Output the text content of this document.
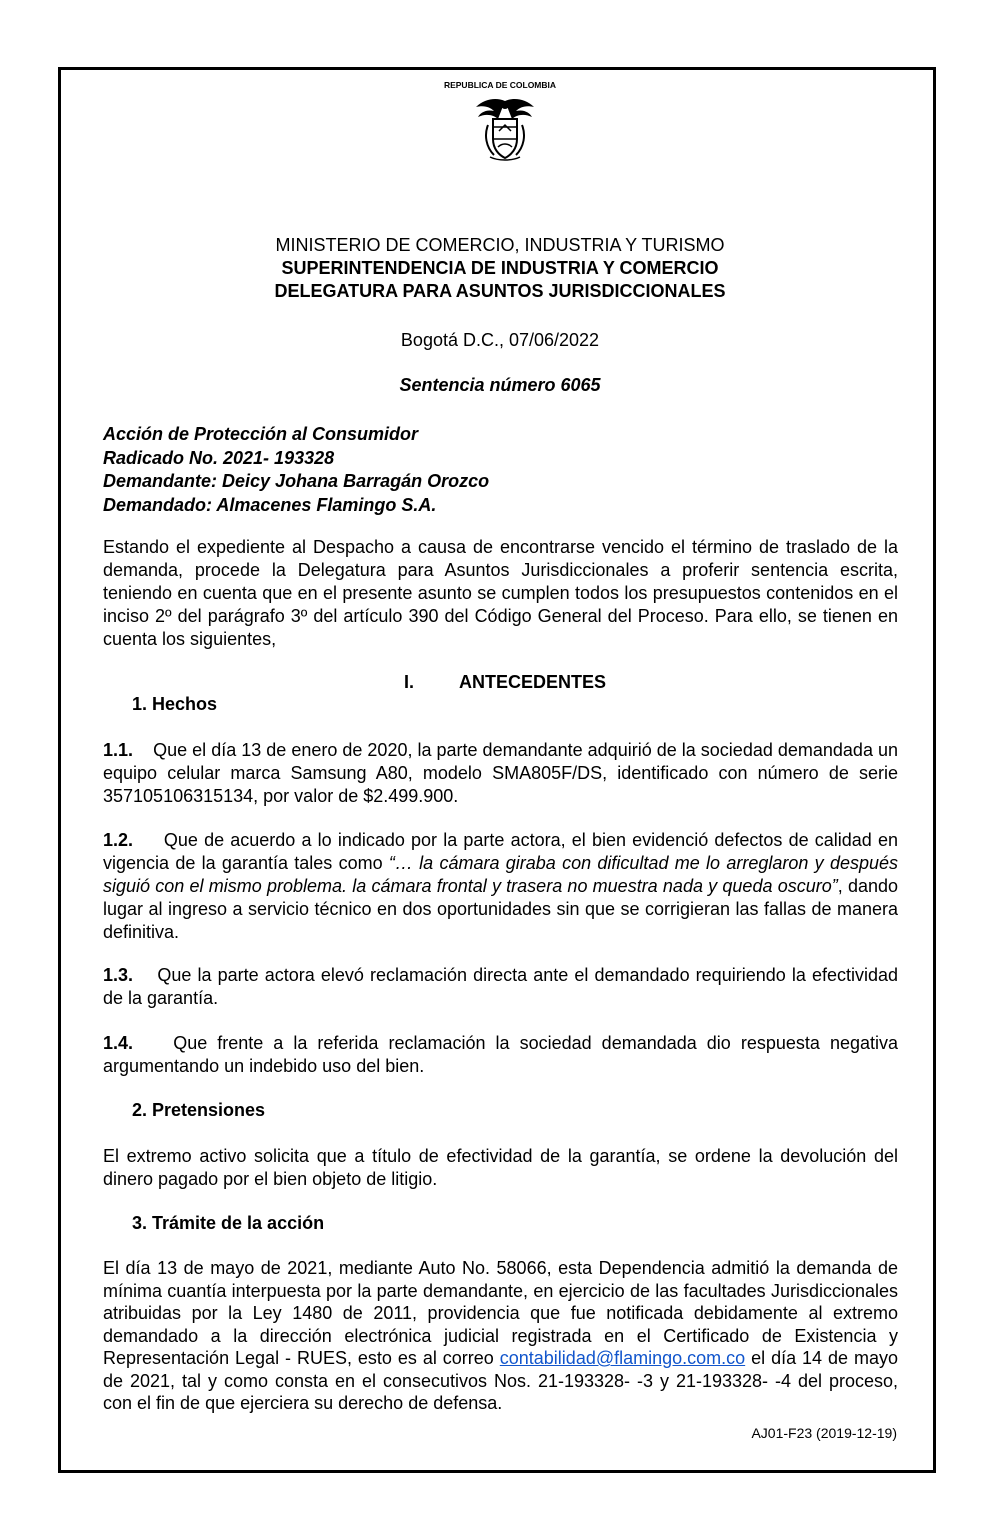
REPUBLICA DE COLOMBIA
MINISTERIO DE COMERCIO, INDUSTRIA Y TURISMO
SUPERINTENDENCIA DE INDUSTRIA Y COMERCIO
DELEGATURA PARA ASUNTOS JURISDICCIONALES
Bogotá D.C., 07/06/2022
Sentencia número 6065
Acción de Protección al Consumidor
Radicado No. 2021- 193328
Demandante: Deicy Johana Barragán Orozco
Demandado: Almacenes Flamingo S.A.
Estando el expediente al Despacho a causa de encontrarse vencido el término de traslado de la demanda, procede la Delegatura para Asuntos Jurisdiccionales a proferir sentencia escrita, teniendo en cuenta que en el presente asunto se cumplen todos los presupuestos contenidos en el inciso 2º del parágrafo 3º del artículo 390 del Código General del Proceso. Para ello, se tienen en cuenta los siguientes,
I.	ANTECEDENTES
1. Hechos
1.1. Que el día 13 de enero de 2020, la parte demandante adquirió de la sociedad demandada un equipo celular marca Samsung A80, modelo SMA805F/DS, identificado con número de serie 357105106315134, por valor de $2.499.900.
1.2. Que de acuerdo a lo indicado por la parte actora, el bien evidenció defectos de calidad en vigencia de la garantía tales como “… la cámara giraba con dificultad me lo arreglaron y después siguió con el mismo problema. la cámara frontal y trasera no muestra nada y queda oscuro”, dando lugar al ingreso a servicio técnico en dos oportunidades sin que se corrigieran las fallas de manera definitiva.
1.3. Que la parte actora elevó reclamación directa ante el demandado requiriendo la efectividad de la garantía.
1.4. Que frente a la referida reclamación la sociedad demandada dio respuesta negativa argumentando un indebido uso del bien.
2. Pretensiones
El extremo activo solicita que a título de efectividad de la garantía, se ordene la devolución del dinero pagado por el bien objeto de litigio.
3. Trámite de la acción
El día 13 de mayo de 2021, mediante Auto No. 58066, esta Dependencia admitió la demanda de mínima cuantía interpuesta por la parte demandante, en ejercicio de las facultades Jurisdiccionales atribuidas por la Ley 1480 de 2011, providencia que fue notificada debidamente al extremo demandado a la dirección electrónica judicial registrada en el Certificado de Existencia y Representación Legal - RUES, esto es al correo contabilidad@flamingo.com.co el día 14 de mayo de 2021, tal y como consta en el consecutivos Nos. 21-193328- -3 y 21-193328- -4 del proceso, con el fin de que ejerciera su derecho de defensa.
AJ01-F23 (2019-12-19)
